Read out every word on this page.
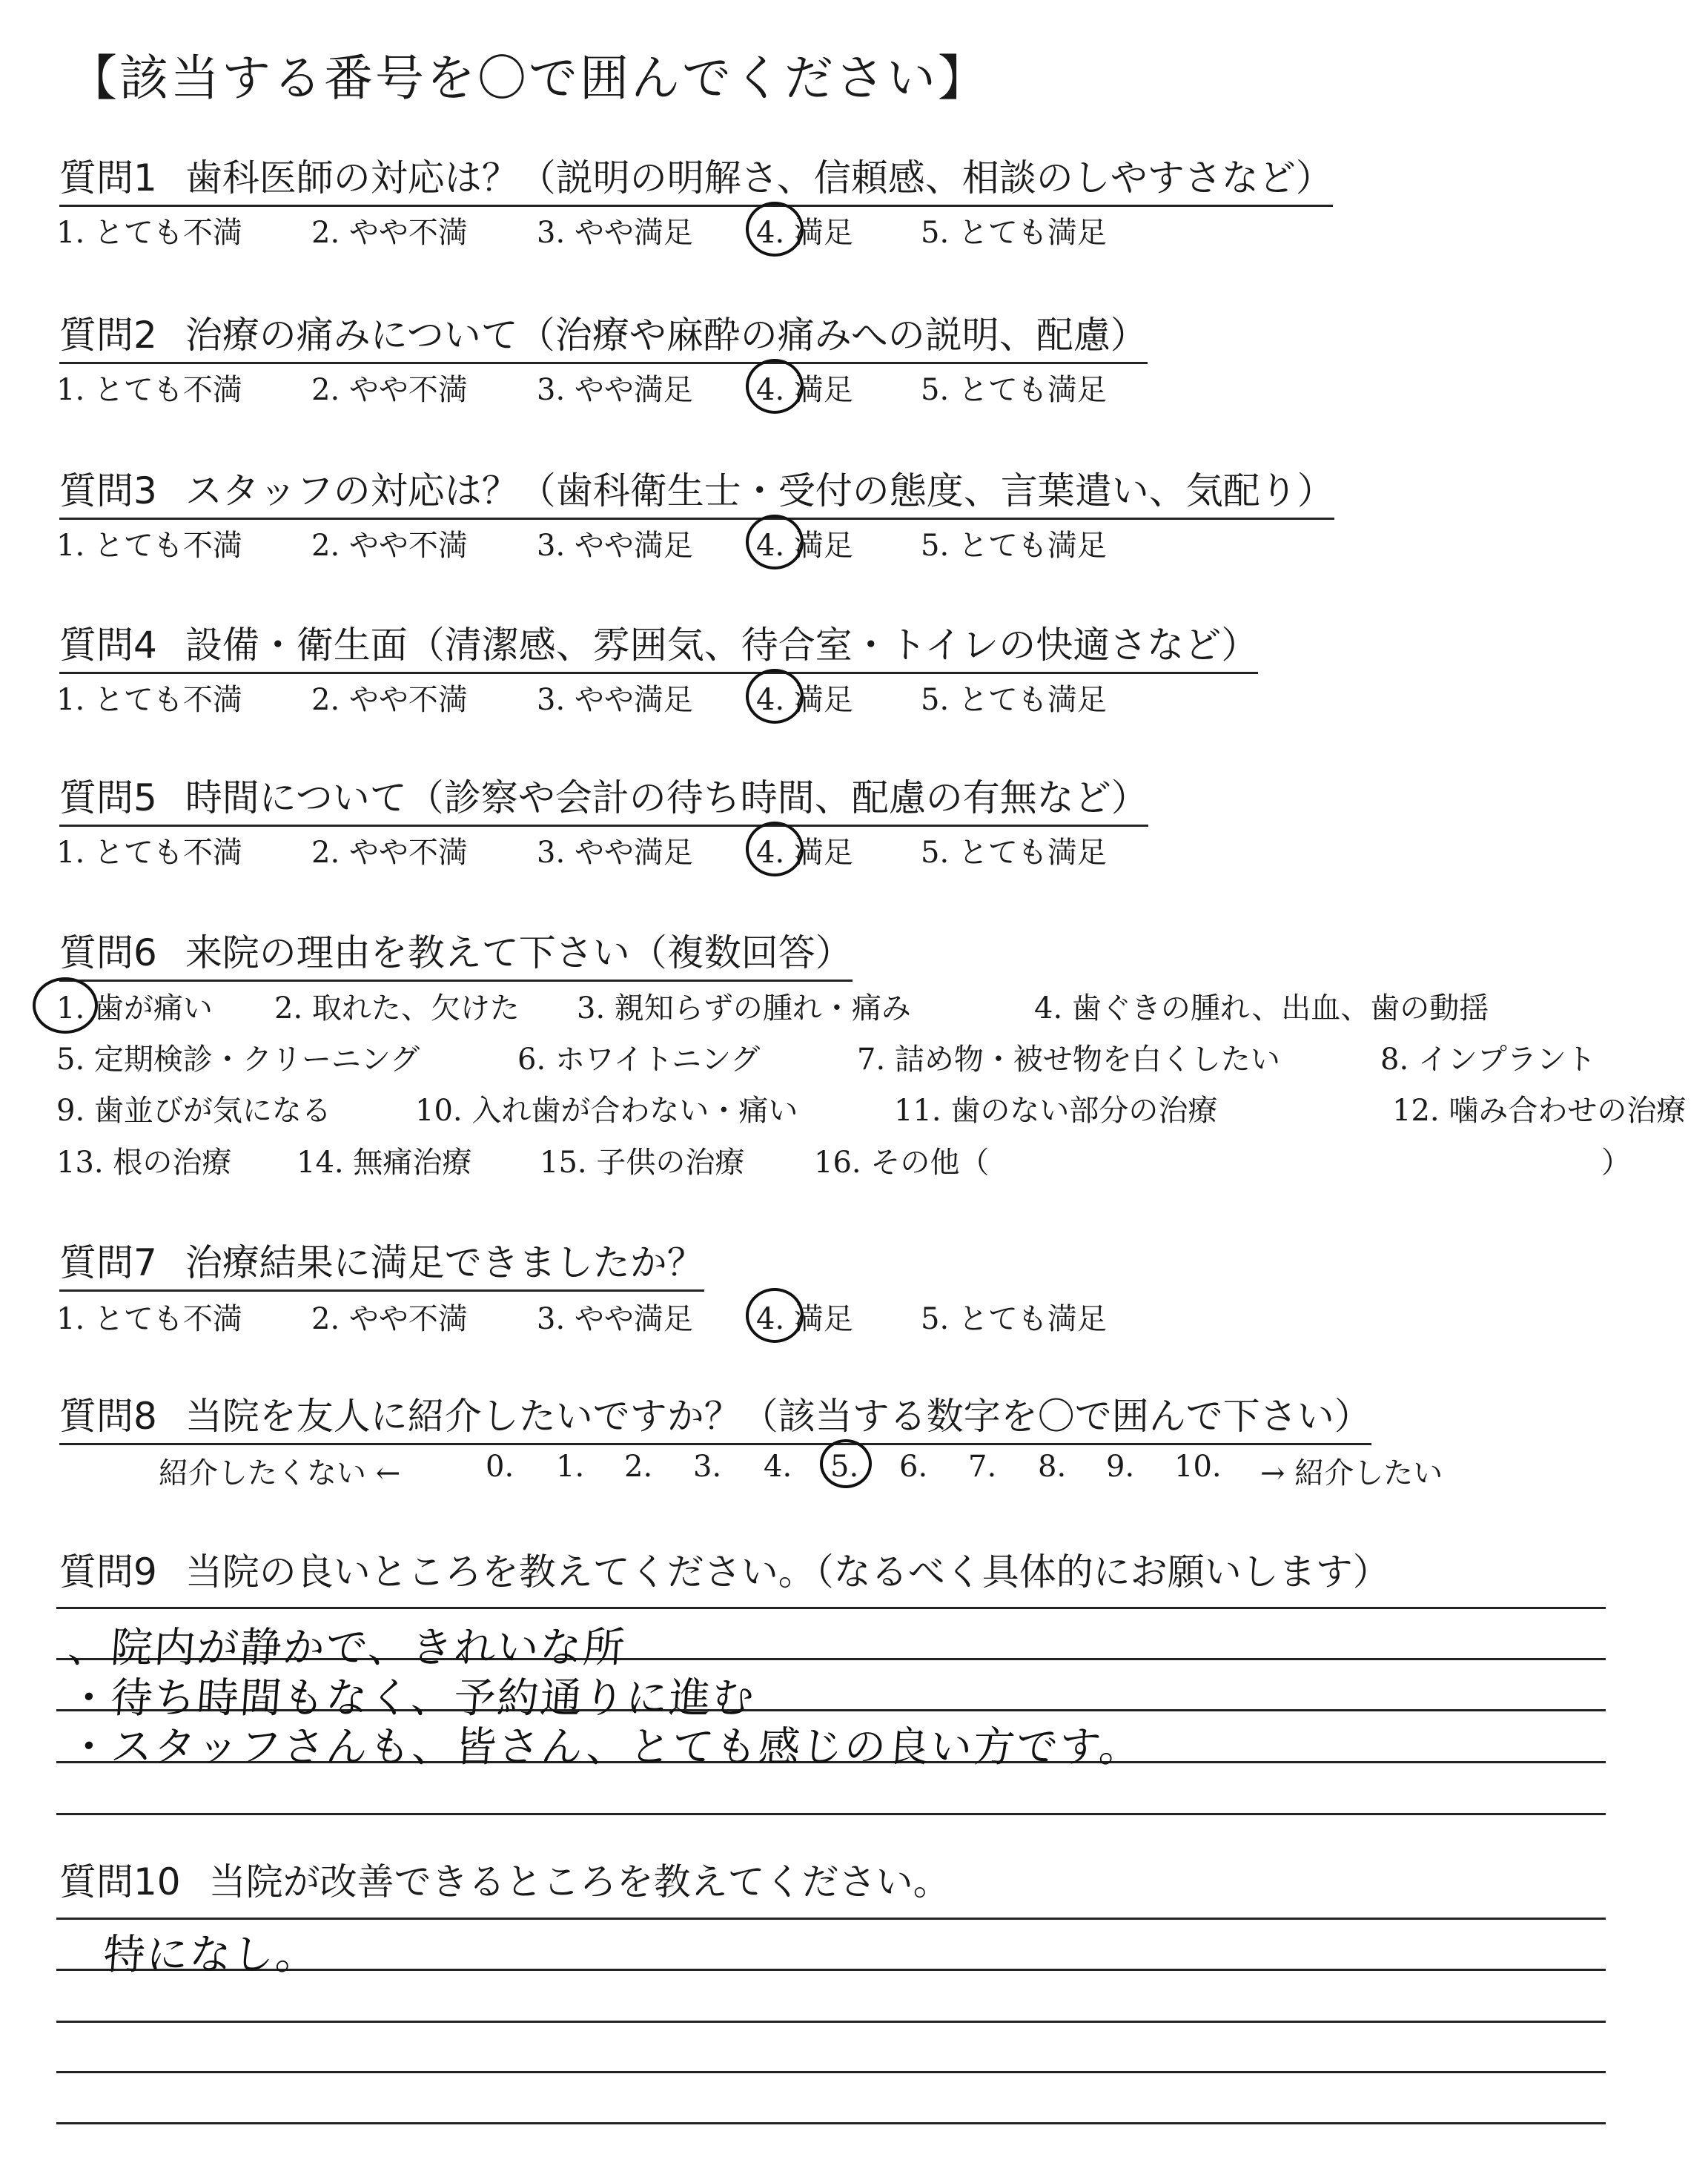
【該当する番号を〇で囲んでください】
質問6 来院の理由を教えて下さい（複数回答）
質問7 治療結果に満足できましたか？
質問8 当院を友人に紹介したいですか？（該当する数字を〇で囲んで下さい）
質問9 当院の良いところを教えてください。（なるべく具体的にお願いします）
質問10 当院が改善できるところを教えてください。
質問1 歯科医師の対応は？（説明の明解さ、信頼感、相談のしやすさなど）
1. とても不満 2. やや不満 3. やや満足 4. 満足 5. とても満足
質問2 治療の痛みについて（治療や麻酔の痛みへの説明、配慮）
1. とても不満 2. やや不満 3. やや満足 4. 満足 5. とても満足
質問3 スタッフの対応は？（歯科衛生士・受付の態度、言葉遣い、気配り）
1. とても不満 2. やや不満 3. やや満足 4. 満足 5. とても満足
質問4 設備・衛生面（清潔感、雰囲気、待合室・トイレの快適さなど）
1. とても不満 2. やや不満 3. やや満足 4. 満足 5. とても満足
質問5 時間について（診察や会計の待ち時間、配慮の有無など）
1. とても不満 2. やや不満 3. やや満足 4. 満足 5. とても満足
1. 歯が痛い 2. 取れた、欠けた 3. 親知らずの腫れ・痛み	4. 歯ぐきの腫れ、出血、歯の動揺
5. 定期検診・クリーニング	6. ホワイトニング	7. 詰め物・被せ物を白くしたい	8. インプラント
9. 歯並びが気になる	10. 入れ歯が合わない・痛い	11. 歯のない部分の治療	12. 噛み合わせの治療
13. 根の治療 14. 無痛治療 15. 子供の治療 16. その他（	）
1. とても不満 2. やや不満 3. やや満足 4. 満足 5. とても満足
紹介したくない ←	0. 1. 2. 3. 4. 5. 6. 7. 8. 9. 10. → 紹介したい
、院内が静かで、きれいな所
・待ち時間もなく、予約通りに進む
・スタッフさんも、皆さん、とても感じの良い方です。
特になし。
